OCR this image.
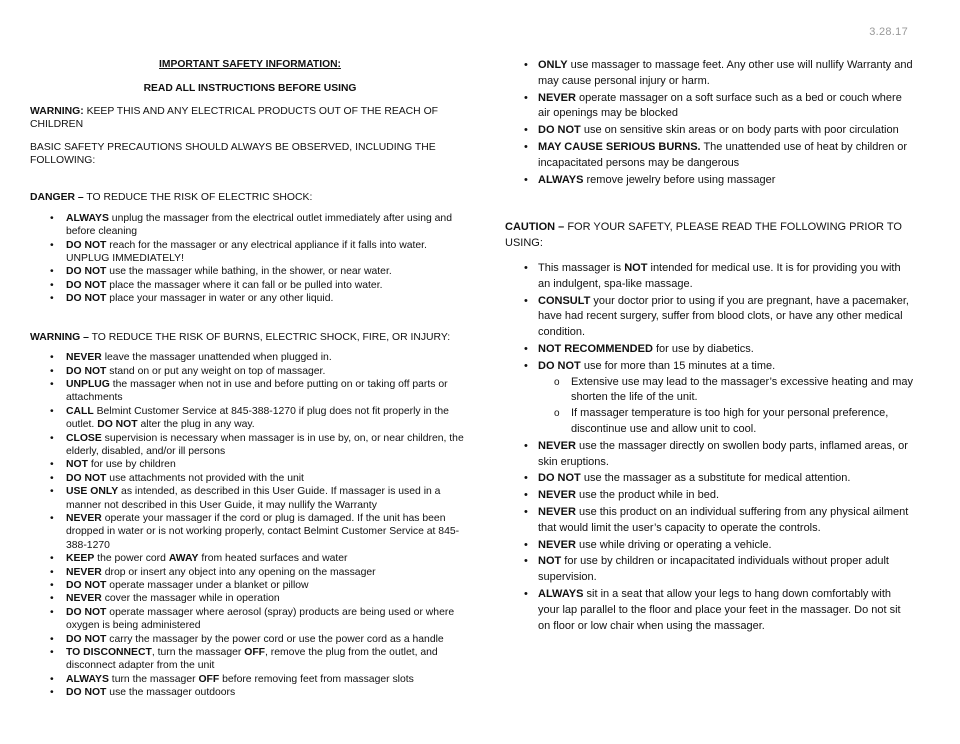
3.28.17
IMPORTANT SAFETY INFORMATION:
READ ALL INSTRUCTIONS BEFORE USING
WARNING: KEEP THIS AND ANY ELECTRICAL PRODUCTS OUT OF THE REACH OF CHILDREN
BASIC SAFETY PRECAUTIONS SHOULD ALWAYS BE OBSERVED, INCLUDING THE FOLLOWING:
DANGER – TO REDUCE THE RISK OF ELECTRIC SHOCK:
• ALWAYS unplug the massager from the electrical outlet immediately after using and before cleaning
• DO NOT reach for the massager or any electrical appliance if it falls into water. UNPLUG IMMEDIATELY!
• DO NOT use the massager while bathing, in the shower, or near water.
• DO NOT place the massager where it can fall or be pulled into water.
• DO NOT place your massager in water or any other liquid.
WARNING – TO REDUCE THE RISK OF BURNS, ELECTRIC SHOCK, FIRE, OR INJURY:
• NEVER leave the massager unattended when plugged in.
• DO NOT stand on or put any weight on top of massager.
• UNPLUG the massager when not in use and before putting on or taking off parts or attachments
• CALL Belmint Customer Service at 845-388-1270 if plug does not fit properly in the outlet. DO NOT alter the plug in any way.
• CLOSE supervision is necessary when massager is in use by, on, or near children, the elderly, disabled, and/or ill persons
• NOT for use by children
• DO NOT use attachments not provided with the unit
• USE ONLY as intended, as described in this User Guide. If massager is used in a manner not described in this User Guide, it may nullify the Warranty
• NEVER operate your massager if the cord or plug is damaged. If the unit has been dropped in water or is not working properly, contact Belmint Customer Service at 845-388-1270
• KEEP the power cord AWAY from heated surfaces and water
• NEVER drop or insert any object into any opening on the massager
• DO NOT operate massager under a blanket or pillow
• NEVER cover the massager while in operation
• DO NOT operate massager where aerosol (spray) products are being used or where oxygen is being administered
• DO NOT carry the massager by the power cord or use the power cord as a handle
• TO DISCONNECT, turn the massager OFF, remove the plug from the outlet, and disconnect adapter from the unit
• ALWAYS turn the massager OFF before removing feet from massager slots
• DO NOT use the massager outdoors
• ONLY use massager to massage feet. Any other use will nullify Warranty and may cause personal injury or harm.
• NEVER operate massager on a soft surface such as a bed or couch where air openings may be blocked
• DO NOT use on sensitive skin areas or on body parts with poor circulation
• MAY CAUSE SERIOUS BURNS. The unattended use of heat by children or incapacitated persons may be dangerous
• ALWAYS remove jewelry before using massager
CAUTION – FOR YOUR SAFETY, PLEASE READ THE FOLLOWING PRIOR TO USING:
• This massager is NOT intended for medical use. It is for providing you with an indulgent, spa-like massage.
• CONSULT your doctor prior to using if you are pregnant, have a pacemaker, have had recent surgery, suffer from blood clots, or have any other medical condition.
• NOT RECOMMENDED for use by diabetics.
• DO NOT use for more than 15 minutes at a time.
o Extensive use may lead to the massager’s excessive heating and may shorten the life of the unit.
o If massager temperature is too high for your personal preference, discontinue use and allow unit to cool.
• NEVER use the massager directly on swollen body parts, inflamed areas, or skin eruptions.
• DO NOT use the massager as a substitute for medical attention.
• NEVER use the product while in bed.
• NEVER use this product on an individual suffering from any physical ailment that would limit the user’s capacity to operate the controls.
• NEVER use while driving or operating a vehicle.
• NOT for use by children or incapacitated individuals without proper adult supervision.
• ALWAYS sit in a seat that allow your legs to hang down comfortably with your lap parallel to the floor and place your feet in the massager. Do not sit on floor or low chair when using the massager.
